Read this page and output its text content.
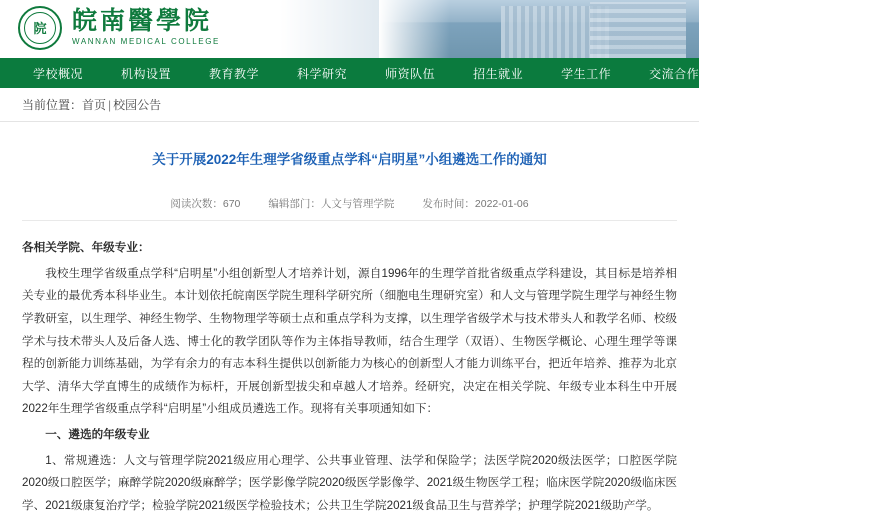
院 皖南醫學院
WANNAN MEDICAL COLLEGE
学校概况	机构设置	教育教学	科学研究	师资队伍	招生就业	学生工作	交流合作	校园文化	办事大厅
当前位置：首页 | 校园公告
关于开展2022年生理学省级重点学科“启明星”小组遴选工作的通知
阅读次数：670	编辑部门：人文与管理学院	发布时间：2022-01-06

各相关学院、年级专业：

我校生理学省级重点学科“启明星”小组创新型人才培养计划，源自1996年的生理学首批省级重点学科建设，其目标是培养相关专业的最优秀本科毕业生。本计划依托皖南医学院生理科学研究所（细胞电生理研究室）和人文与管理学院生理学与神经生物学教研室，以生理学、神经生物学、生物物理学等硕士点和重点学科为支撑，以生理学省级学术与技术带头人和教学名师、校级学术与技术带头人及后备人选、博士化的教学团队等作为主体指导教师，结合生理学（双语）、生物医学概论、心理生理学等课程的创新能力训练基础，为学有余力的有志本科生提供以创新能力为核心的创新型人才能力训练平台，把近年培养、推荐为北京大学、清华大学直博生的成绩作为标杆，开展创新型拔尖和卓越人才培养。经研究，决定在相关学院、年级专业本科生中开展2022年生理学省级重点学科“启明星”小组成员遴选工作。现将有关事项通知如下：

一、遴选的年级专业

1、常规遴选：人文与管理学院2021级应用心理学、公共事业管理、法学和保险学；法医学院2020级法医学；口腔医学院2020级口腔医学；麻醉学院2020级麻醉学；医学影像学院2020级医学影像学、2021级生物医学工程；临床医学院2020级临床医学、2021级康复治疗学；检验学院2021级医学检验技术；公共卫生学院2021级食品卫生与营养学；护理学院2021级助产学。
